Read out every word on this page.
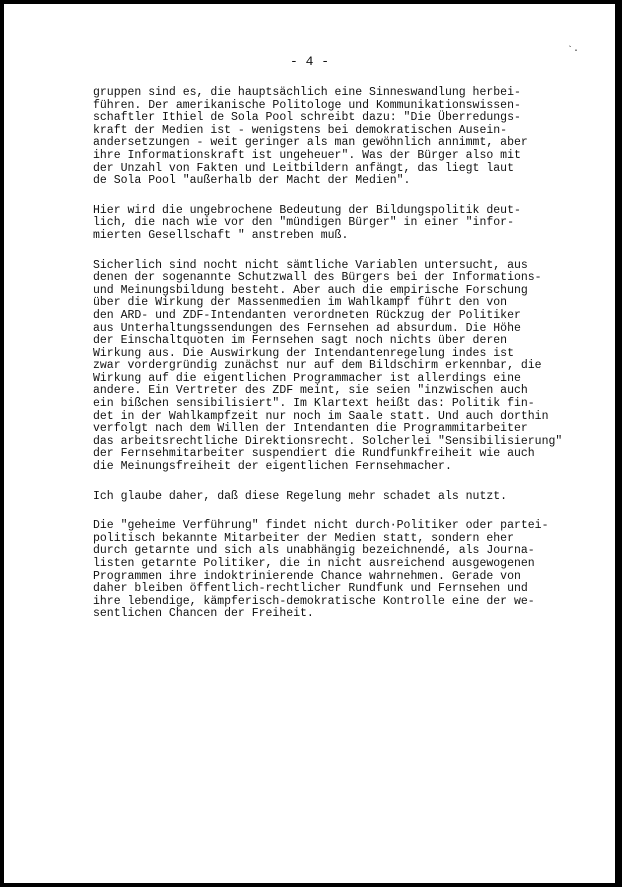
`·
- 4 -
gruppen sind es, die hauptsächlich eine Sinneswandlung herbei-
führen. Der amerikanische Politologe und Kommunikationswissen-
schaftler Ithiel de Sola Pool schreibt dazu: "Die Überredungs-
kraft der Medien ist - wenigstens bei demokratischen Ausein-
andersetzungen - weit geringer als man gewöhnlich annimmt, aber
ihre Informationskraft ist ungeheuer". Was der Bürger also mit
der Unzahl von Fakten und Leitbildern anfängt, das liegt laut
de Sola Pool "außerhalb der Macht der Medien".
Hier wird die ungebrochene Bedeutung der Bildungspolitik deut-
lich, die nach wie vor den "mündigen Bürger" in einer "infor-
mierten Gesellschaft " anstreben muß.
Sicherlich sind nocht nicht sämtliche Variablen untersucht, aus
denen der sogenannte Schutzwall des Bürgers bei der Informations-
und Meinungsbildung besteht. Aber auch die empirische Forschung
über die Wirkung der Massenmedien im Wahlkampf führt den von
den ARD- und ZDF-Intendanten verordneten Rückzug der Politiker
aus Unterhaltungssendungen des Fernsehen ad absurdum. Die Höhe
der Einschaltquoten im Fernsehen sagt noch nichts über deren
Wirkung aus. Die Auswirkung der Intendantenregelung indes ist
zwar vordergründig zunächst nur auf dem Bildschirm erkennbar, die
Wirkung auf die eigentlichen Programmacher ist allerdings eine
andere. Ein Vertreter des ZDF meint, sie seien "inzwischen auch
ein bißchen sensibilisiert". Im Klartext heißt das: Politik fin-
det in der Wahlkampfzeit nur noch im Saale statt. Und auch dorthin
verfolgt nach dem Willen der Intendanten die Programmitarbeiter
das arbeitsrechtliche Direktionsrecht. Solcherlei "Sensibilisierung"
der Fernsehmitarbeiter suspendiert die Rundfunkfreiheit wie auch
die Meinungsfreiheit der eigentlichen Fernsehmacher.
Ich glaube daher, daß diese Regelung mehr schadet als nutzt.
Die "geheime Verführung" findet nicht durch·Politiker oder partei-
politisch bekannte Mitarbeiter der Medien statt, sondern eher
durch getarnte und sich als unabhängig bezeichnendé, als Journa-
listen getarnte Politiker, die in nicht ausreichend ausgewogenen
Programmen ihre indoktrinierende Chance wahrnehmen. Gerade von
daher bleiben öffentlich-rechtlicher Rundfunk und Fernsehen und
ihre lebendige, kämpferisch-demokratische Kontrolle eine der we-
sentlichen Chancen der Freiheit.
